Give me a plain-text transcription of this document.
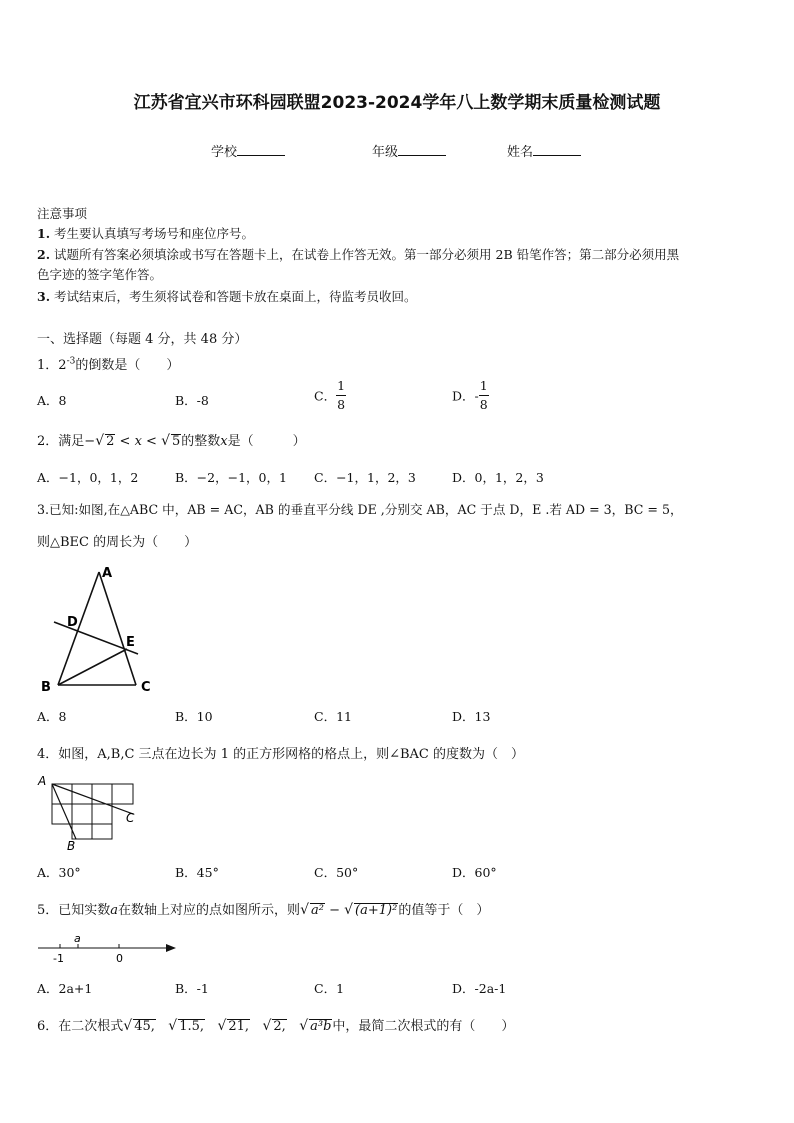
江苏省宜兴市环科园联盟2023-2024学年八上数学期末质量检测试题
学校	年级	姓名
注意事项
1. 考生要认真填写考场号和座位序号。
2. 试题所有答案必须填涂或书写在答题卡上，在试卷上作答无效。第一部分必须用 2B 铅笔作答；第二部分必须用黑
色字迹的签字笔作答。
3. 考试结束后，考生须将试卷和答题卡放在桌面上，待监考员收回。
一、选择题（每题 4 分，共 48 分）
1．$2^{-3}$的倒数是（　　）
A．8	B．-8	C． $\frac{1}{8}$	D．- $\frac{1}{8}$
2．满足−√ 2 < x < √ 5的整数x是（　　　）
A．−1，0，1，2	B．−2，−1，0，1 C．−1，1，2，3	D．0，1，2，3
3.已知:如图,在△ABC 中，AB = AC，AB 的垂直平分线 DE ,分别交 AB，AC 于点 D，E .若 AD = 3，BC = 5，
则△BEC 的周长为（　　）
A
B	C
D
E
A．8	B．10	C．11	D．13
4．如图，A,B,C 三点在边长为 1 的正方形网格的格点上，则∠BAC 的度数为（　）
A
B
C
A．30°	B．45°	C．50°	D．60°
5．已知实数a在数轴上对应的点如图所示，则√ a² − √ (a+1)²的值等于（　）
a
-1	0
A．2a+1	B．-1	C．1	D．-2a-1
6．在二次根式√ 45, √ 1.5, √ 21, √ 2, √ a³b中，最简二次根式的有（　　）
